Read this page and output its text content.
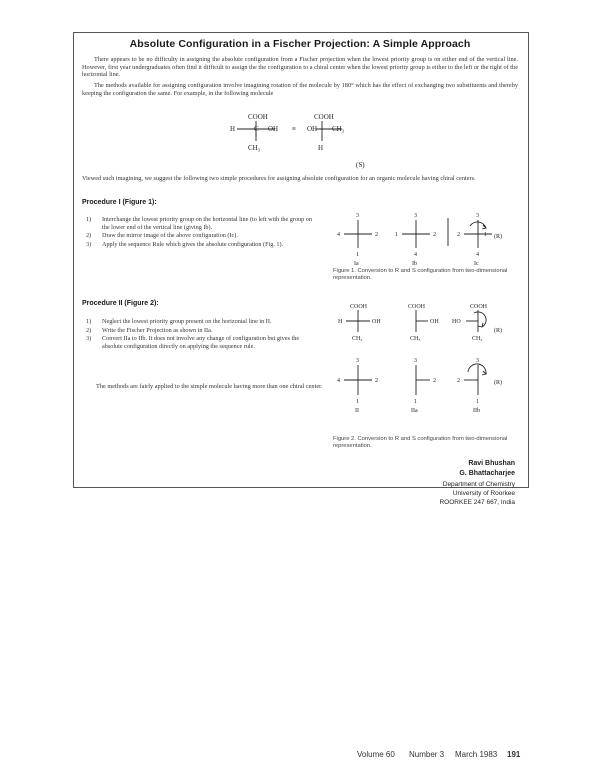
Absolute Configuration in a Fischer Projection: A Simple Approach
There appears to be no difficulty in assigning the absolute configuration from a Fischer projection when the lowest priority group is on either end of the vertical line. However, first year undergraduates often find it difficult to assign the the configuration to a chiral center when the lowest priority group is either to the left or the right of the horizontal line.
The methods available for assigning configuration involve imagining rotation of the molecule by 180° which has the effect of exchanging two substituents and thereby keeping the configuration the same. For example, in the following molecule
COOH
H	C OH
CH₃
≡
COOH
OH CH₃
H
(S)
Viewed such imagining, we suggest the following two simple procedures for assigning absolute configuration for an organic molecule having chiral centers.
Procedure I (Figure 1):
1) Interchange the lowest priority group on the horizontal line (to left with the group on the lower end of the vertical line (giving Ib).
2) Draw the mirror image of the above configuration (Ic).
3) Apply the sequence Rule which gives the absolute configuration (Fig. 1).
3
4	2
1
Ia
3
1	2
4
Ib
3
2	1
4
Ic
(R)
Figure 1. Conversion to R and S configuration from two-dimensional representation.
Procedure II (Figure 2):
1) Neglect the lowest priority group present on the horizontal line in II.
2) Write the Fischer Projection as shown in IIa.
3) Convert IIa to IIb. It does not involve any change of configuration but gives the absolute configuration directly on applying the sequence rule.
The methods are fairly applied to the simple molecule having more than one chiral center.
COOH
H	OH
CH₃
COOH
OH
CH₃
COOH
HO
CH₃
(R)
3
4	2
1
II
3
2
1
IIa
3
2
1
IIb
(R)
Figure 2. Conversion to R and S configuration from two-dimensional representation.
Ravi Bhushan
G. Bhattacharjee
Department of Chemistry
University of Roorkee
ROORKEE 247 667, India
Volume 60 Number 3 March 1983 191
